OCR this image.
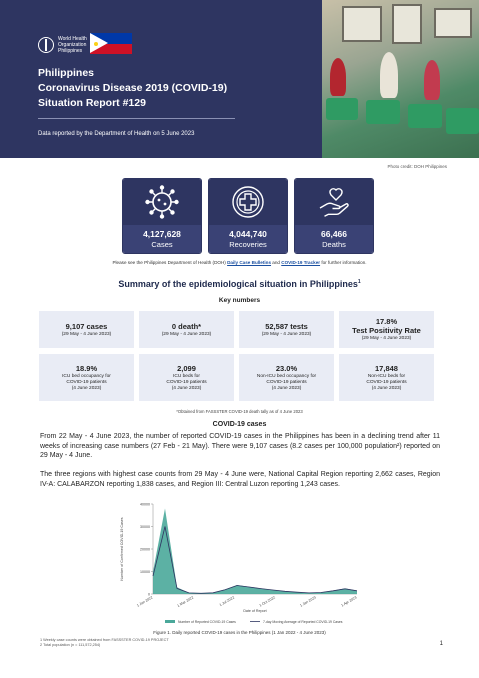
World Health
Organization
Philippines
Philippines
Coronavirus Disease 2019 (COVID-19)
Situation Report #129
Data reported by the Department of Health on 5 June 2023
Photo credit: DOH Philippines
4,127,628
Cases
4,044,740
Recoveries
66,466
Deaths
Please see the Philippines Department of Health (DOH) Daily Case Bulletins and COVID-19 Tracker for further information.
Summary of the epidemiological situation in Philippines$^1$
Key numbers
9,107 cases
(29 May - 4 June 2023)
0 death*
(29 May - 4 June 2023)
52,587 tests
(29 May - 4 June 2023)
17.8%
Test Positivity Rate
(29 May - 4 June 2023)
18.9%
ICU bed occupancy for
COVID-19 patients
(4 June 2023)
2,099
ICU beds for
COVID-19 patients
(4 June 2023)
23.0%
Non-ICU bed occupancy for
COVID-19 patients
(4 June 2023)
17,848
Non-ICU beds for
COVID-19 patients
(4 June 2023)
*Obtained from FASSSTER COVID-19 death tally as of 4 June 2023
COVID-19 cases
From 22 May - 4 June 2023, the number of reported COVID-19 cases in the Philippines has been in a declining trend after 11 weeks of increasing case numbers (27 Feb - 21 May). There were 9,107 cases (8.2 cases per 100,000 population²) reported on 29 May - 4 June.
The three regions with highest case counts from 29 May - 4 June were, National Capital Region reporting 2,662 cases, Region IV-A: CALABARZON reporting 1,838 cases, and Region III: Central Luzon reporting 1,243 cases.
0
10000
20000
30000
40000
1 Jan 2022	1 Mar 2022	1 Jul 2022	1 Oct 2022	1 Jan 2023	1 Apr 2023
Number of Confirmed COVID-19 Cases
Date of Report
Number of Reported COVID-19 Cases	7-day Moving Average of Reported COVID-19 Cases
Figure 1. Daily reported COVID-19 cases in the Philippines (1 Jan 2022 - 4 June 2023)
1 Weekly case counts were obtained from FASSSTER COVID-19 PROJECT
2 Total population (n = 111,572,254)	1
